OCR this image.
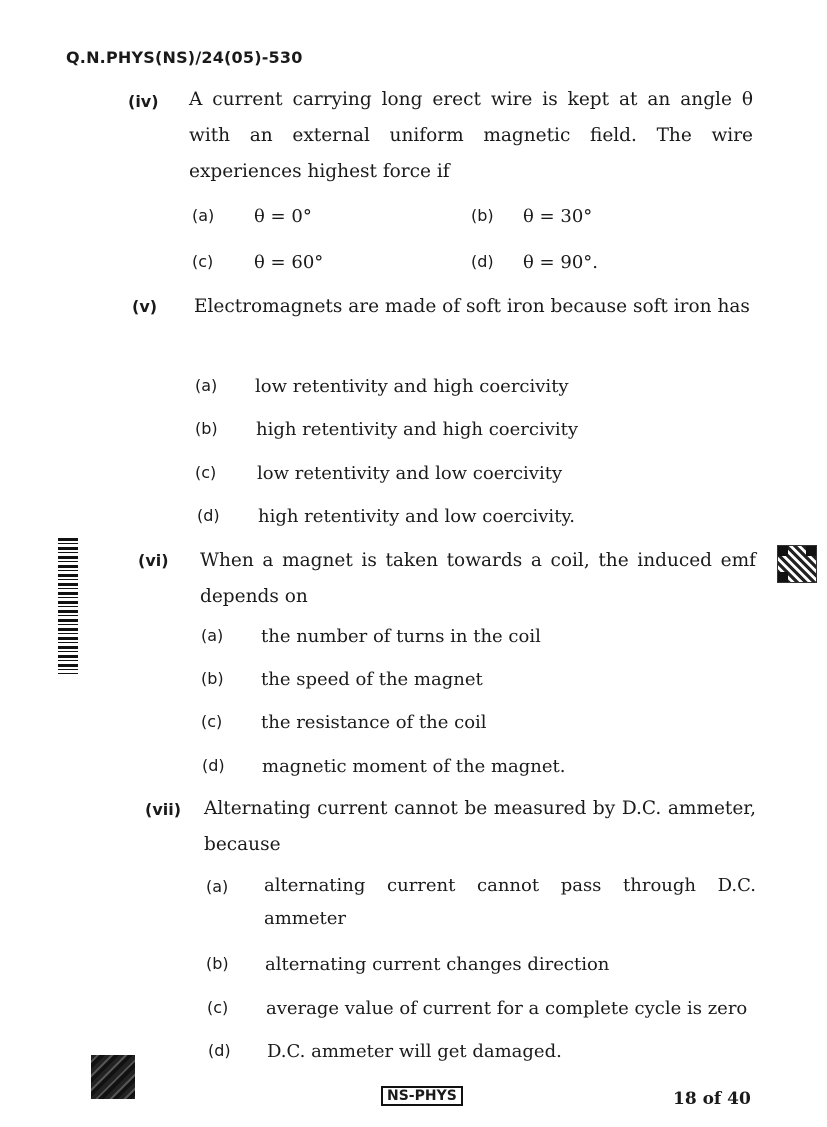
Q.N.PHYS(NS)/24(05)-530
(iv) A current carrying long erect wire is kept at an angle θ with an external uniform magnetic field. The wire experiences highest force if
(a) θ = 0°	(b) θ = 30°
(c) θ = 60°	(d) θ = 90°.
(v) Electromagnets are made of soft iron because soft iron has
(a) low retentivity and high coercivity
(b) high retentivity and high coercivity
(c) low retentivity and low coercivity
(d) high retentivity and low coercivity.
(vi) When a magnet is taken towards a coil, the induced emf depends on
(a) the number of turns in the coil
(b) the speed of the magnet
(c) the resistance of the coil
(d) magnetic moment of the magnet.
(vii) Alternating current cannot be measured by D.C. ammeter, because
(a) alternating current cannot pass through D.C. ammeter
(b) alternating current changes direction
(c) average value of current for a complete cycle is zero
(d) D.C. ammeter will get damaged.
NS-PHYS	18 of 40
